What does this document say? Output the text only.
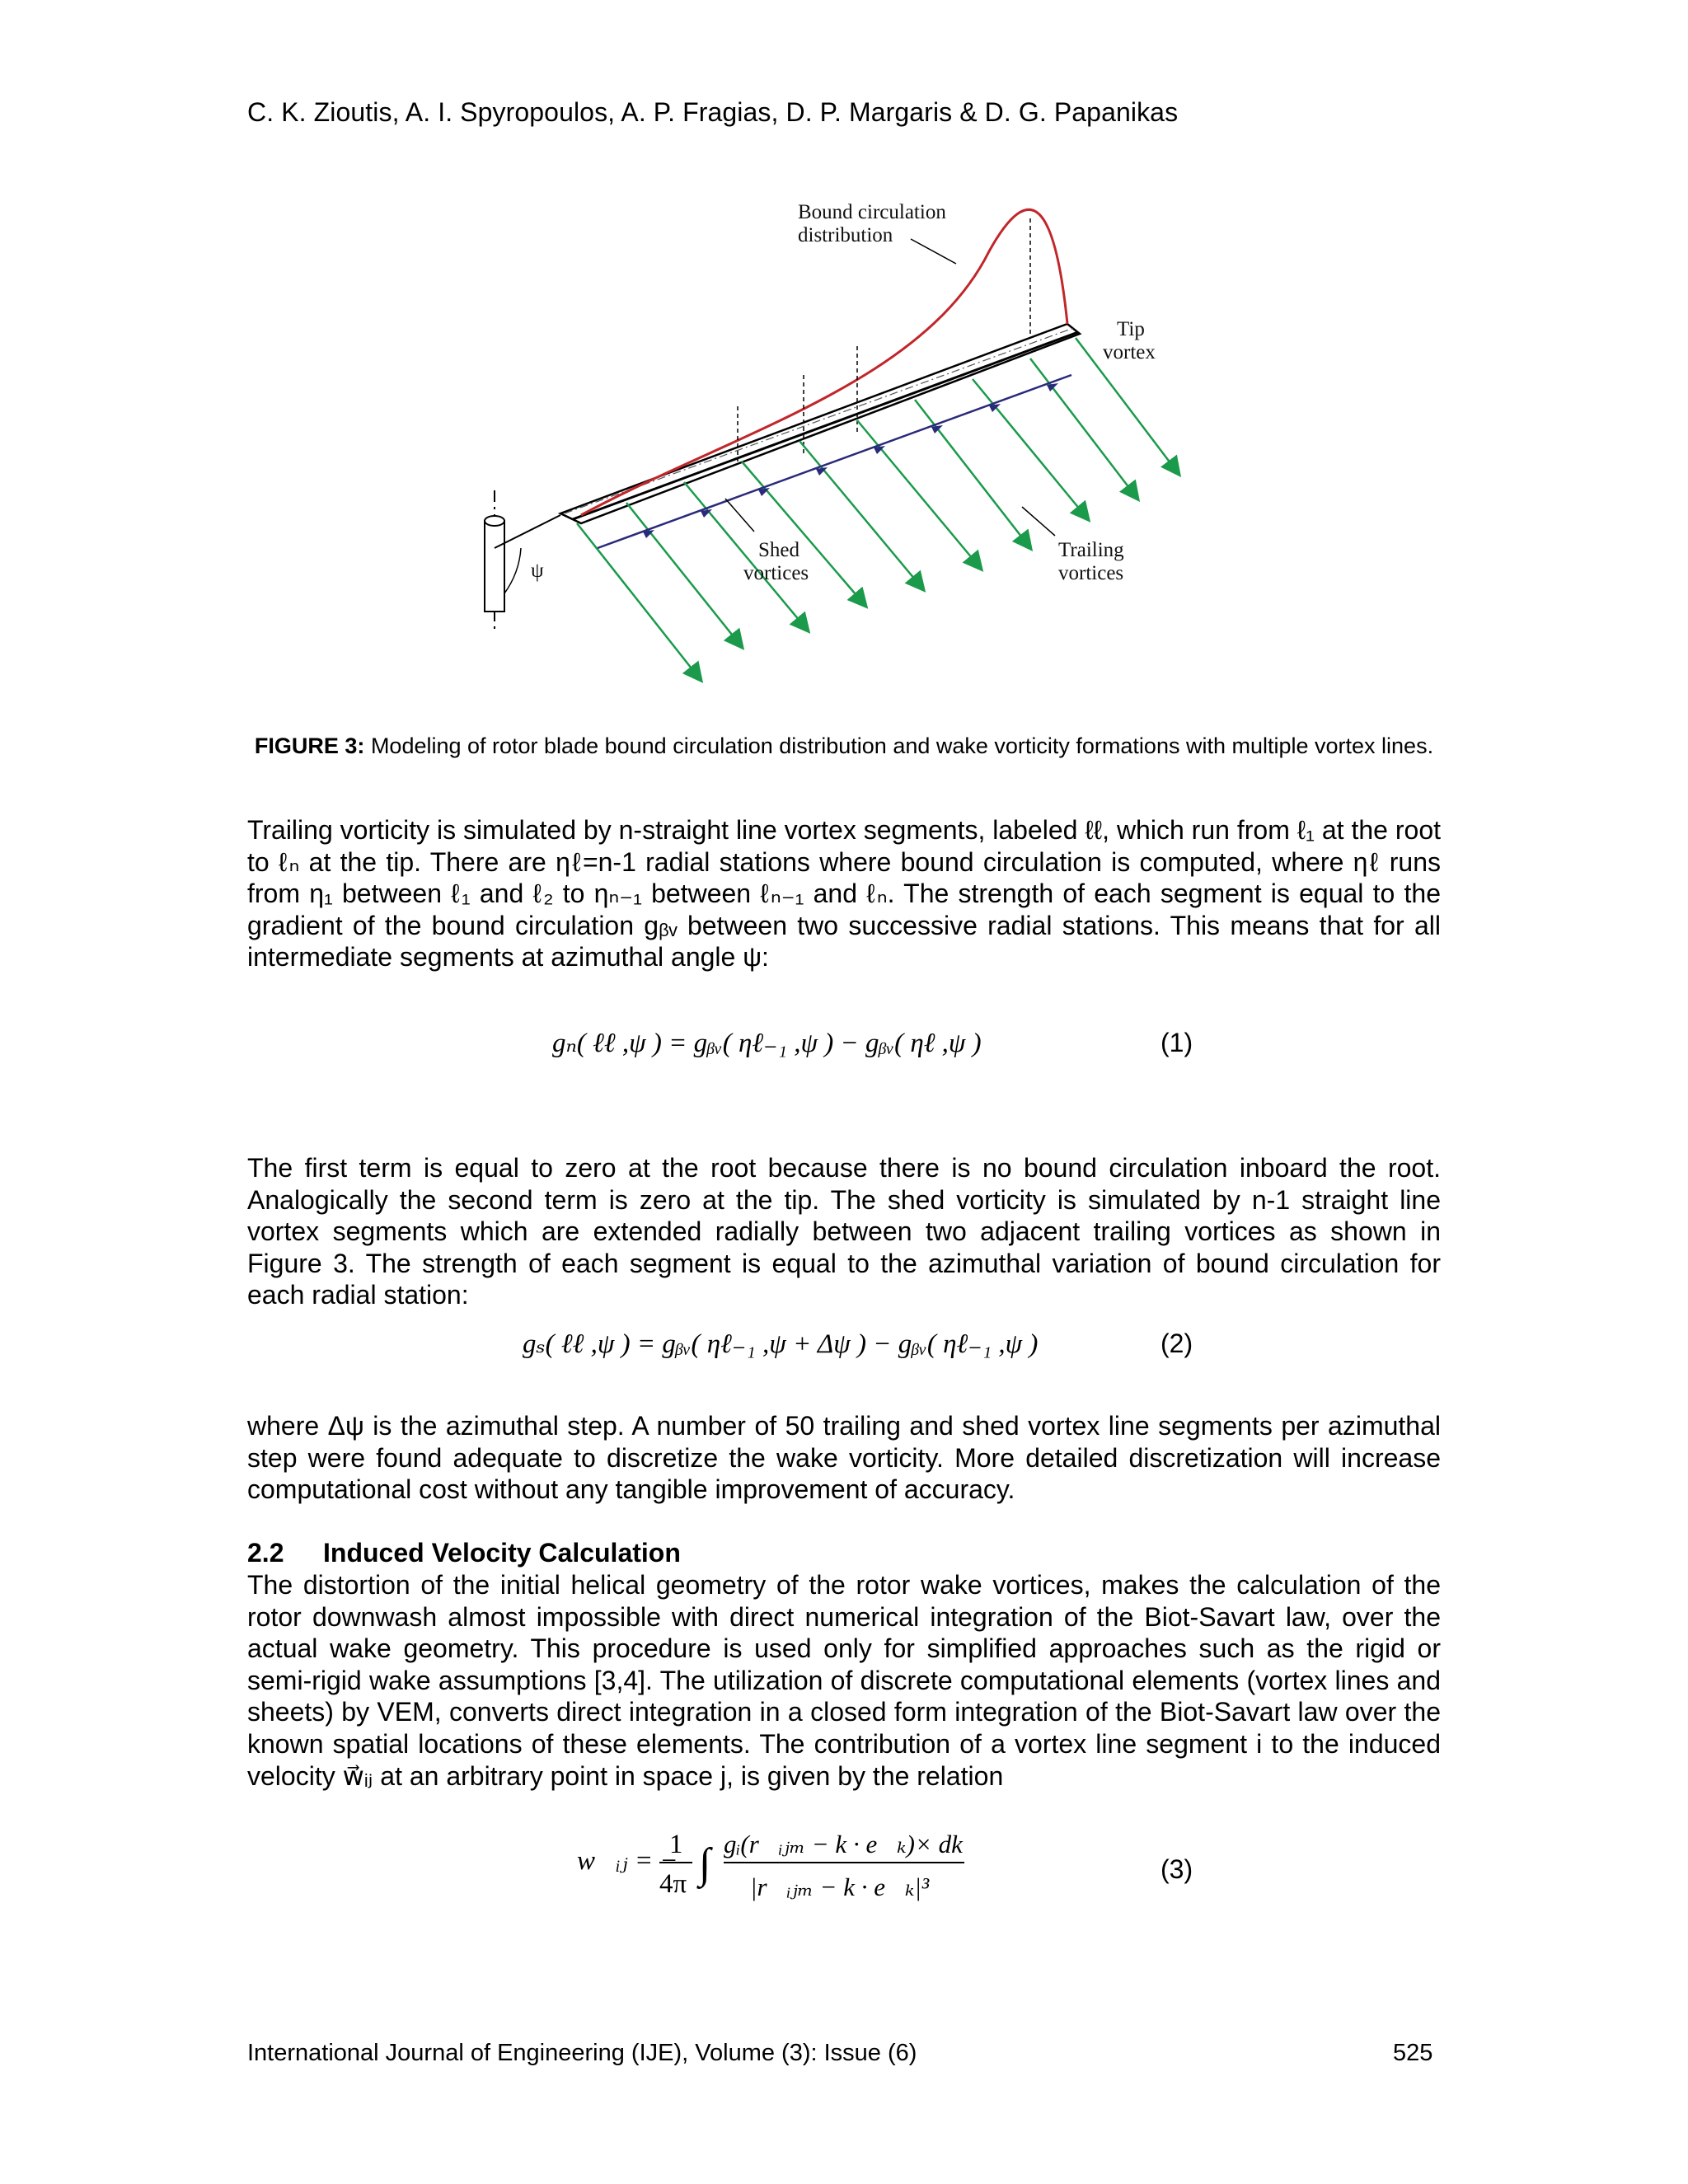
C. K. Zioutis, A. I. Spyropoulos, A. P. Fragias, D. P. Margaris & D. G. Papanikas
ψ
Bound circulation
distribution
Tip
vortex
Shed
vortices
Trailing
vortices
FIGURE 3: Modeling of rotor blade bound circulation distribution and wake vorticity formations with multiple vortex lines.
Trailing vorticity is simulated by n-straight line vortex segments, labeled ℓℓ, which run from ℓ₁ at the root to ℓₙ at the tip. There are ηℓ=n-1 radial stations where bound circulation is computed, where ηℓ runs from η₁ between ℓ₁ and ℓ₂ to ηₙ₋₁ between ℓₙ₋₁ and ℓₙ. The strength of each segment is equal to the gradient of the bound circulation gᵦᵥ between two successive radial stations. This means that for all intermediate segments at azimuthal angle ψ:
gₙ( ℓℓ ,ψ ) = gᵦᵥ( ηℓ₋₁ ,ψ ) − gᵦᵥ( ηℓ ,ψ )	(1)
The first term is equal to zero at the root because there is no bound circulation inboard the root. Analogically the second term is zero at the tip. The shed vorticity is simulated by n-1 straight line vortex segments which are extended radially between two adjacent trailing vortices as shown in Figure 3. The strength of each segment is equal to the azimuthal variation of bound circulation for each radial station:
gₛ( ℓℓ ,ψ ) = gᵦᵥ( ηℓ₋₁ ,ψ + Δψ ) − gᵦᵥ( ηℓ₋₁ ,ψ )	(2)
where Δψ is the azimuthal step. A number of 50 trailing and shed vortex line segments per azimuthal step were found adequate to discretize the wake vorticity. More detailed discretization will increase computational cost without any tangible improvement of accuracy.
2.2 Induced Velocity Calculation
The distortion of the initial helical geometry of the rotor wake vortices, makes the calculation of the rotor downwash almost impossible with direct numerical integration of the Biot-Savart law, over the actual wake geometry. This procedure is used only for simplified approaches such as the rigid or semi-rigid wake assumptions [3,4]. The utilization of discrete computational elements (vortex lines and sheets) by VEM, converts direct integration in a closed form integration of the Biot-Savart law over the known spatial locations of these elements. The contribution of a vortex line segment i to the induced velocity w⃗ᵢⱼ at an arbitrary point in space j, is given by the relation
w⃗ᵢⱼ = −
1
4π ∫ gᵢ(r⃗ᵢⱼₘ − k · e⃗ₖ)× dk⃗
|r⃗ᵢⱼₘ − k · e⃗ₖ|³
(3)
International Journal of Engineering (IJE), Volume (3): Issue (6)	525
